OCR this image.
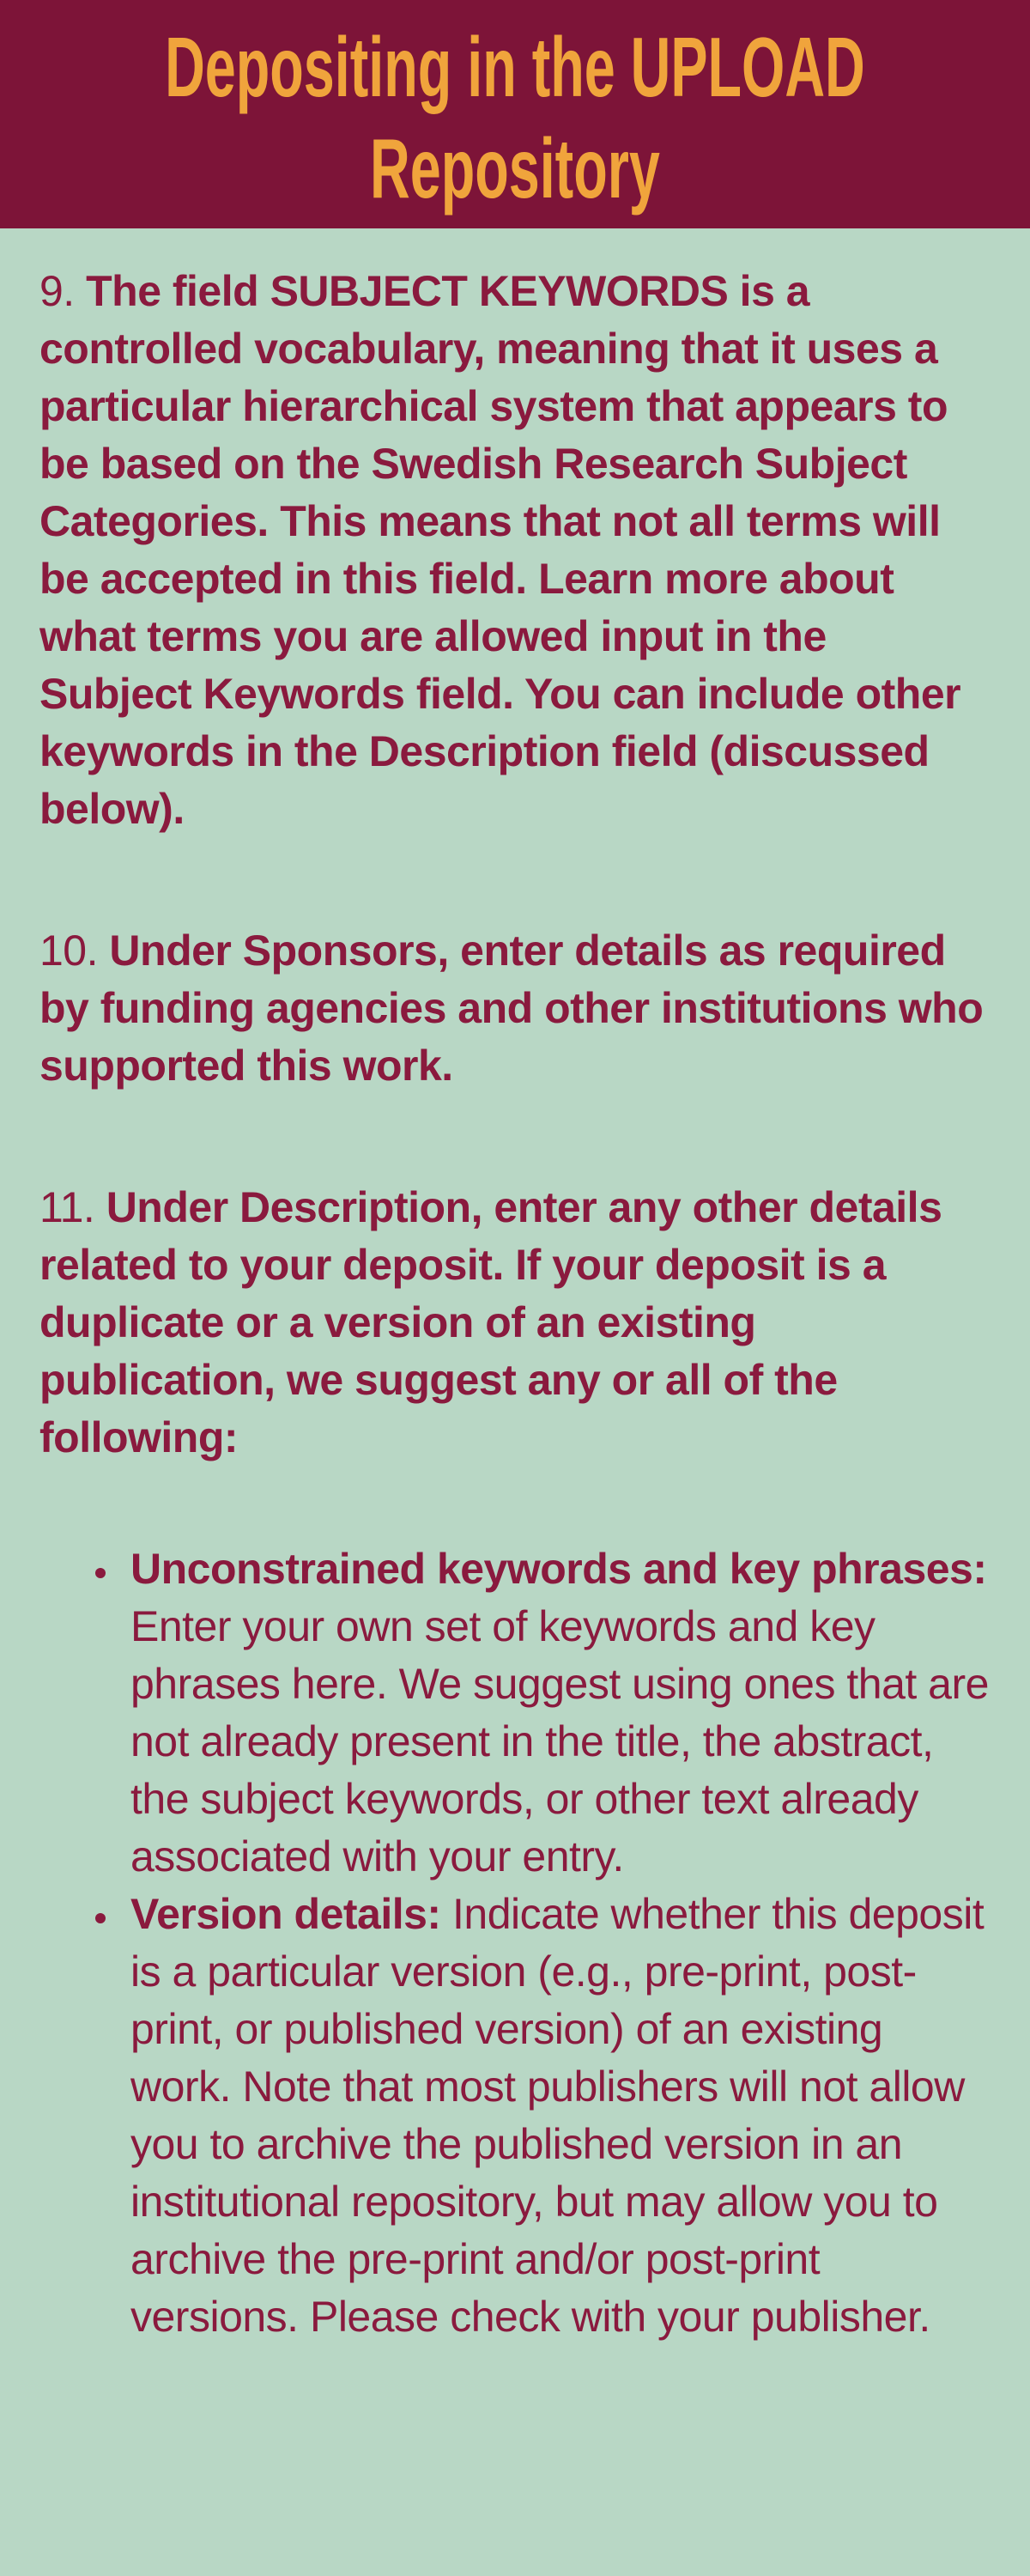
Depositing in the UPLOAD
Repository

9. The field SUBJECT KEYWORDS is a controlled vocabulary, meaning that it uses a particular hierarchical system that appears to be based on the Swedish Research Subject Categories. This means that not all terms will be accepted in this field. Learn more about what terms you are allowed input in the Subject Keywords field. You can include other keywords in the Description field (discussed below).

10. Under Sponsors, enter details as required by funding agencies and other institutions who supported this work.

11. Under Description, enter any other details related to your deposit. If your deposit is a duplicate or a version of an existing publication, we suggest any or all of the following:

• Unconstrained keywords and key phrases: Enter your own set of keywords and key phrases here. We suggest using ones that are not already present in the title, the abstract, the subject keywords, or other text already associated with your entry.
• Version details: Indicate whether this deposit is a particular version (e.g., pre-print, post-print, or published version) of an existing work. Note that most publishers will not allow you to archive the published version in an institutional repository, but may allow you to archive the pre-print and/or post-print versions. Please check with your publisher.
